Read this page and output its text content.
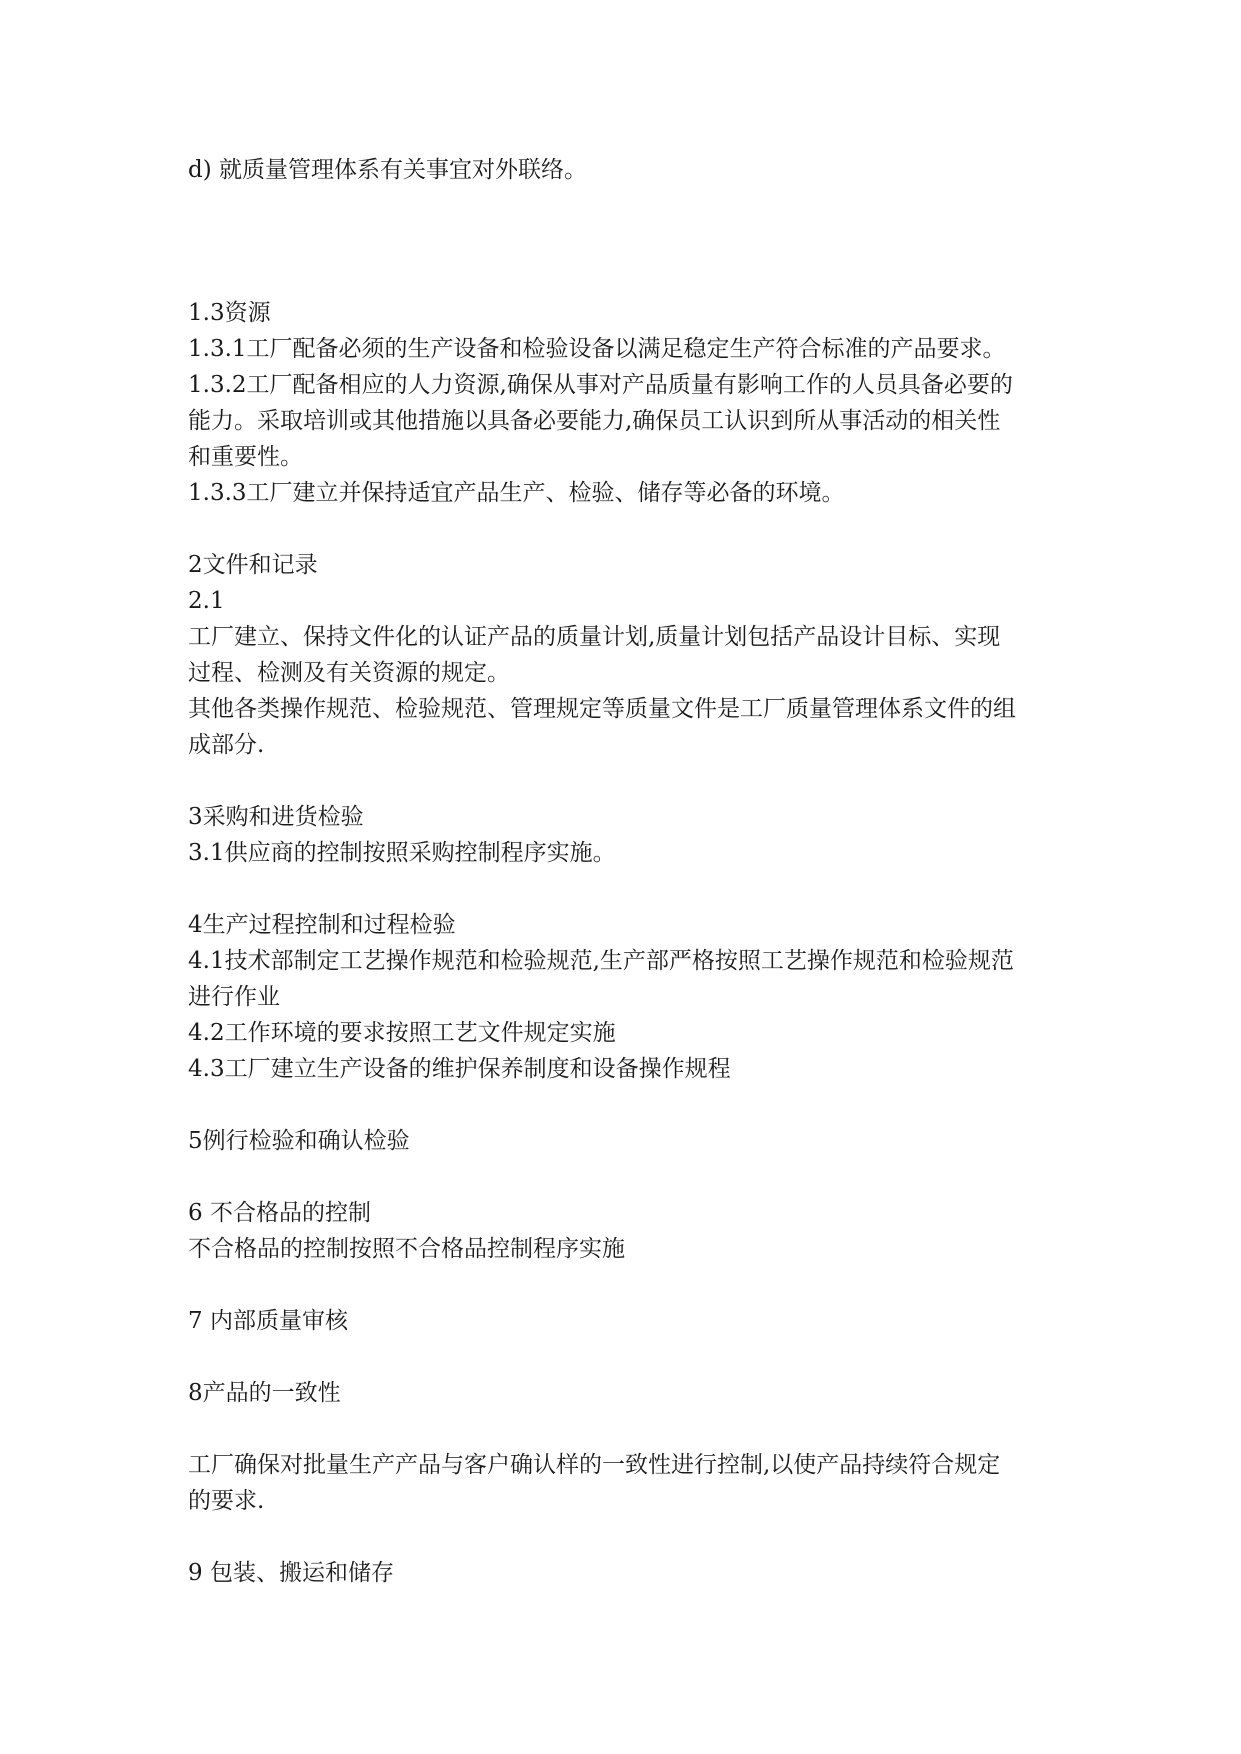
d) 就质量管理体系有关事宜对外联络。

1.3资源

1.3.1工厂配备必须的生产设备和检验设备以满足稳定生产符合标准的产品要求。

1.3.2工厂配备相应的人力资源,确保从事对产品质量有影响工作的人员具备必要的

能力。采取培训或其他措施以具备必要能力,确保员工认识到所从事活动的相关性

和重要性。

1.3.3工厂建立并保持适宜产品生产、检验、储存等必备的环境。

2文件和记录

2.1

工厂建立、保持文件化的认证产品的质量计划,质量计划包括产品设计目标、实现

过程、检测及有关资源的规定。

其他各类操作规范、检验规范、管理规定等质量文件是工厂质量管理体系文件的组

成部分.

3采购和进货检验

3.1供应商的控制按照采购控制程序实施。

4生产过程控制和过程检验

4.1技术部制定工艺操作规范和检验规范,生产部严格按照工艺操作规范和检验规范

进行作业

4.2工作环境的要求按照工艺文件规定实施

4.3工厂建立生产设备的维护保养制度和设备操作规程

5例行检验和确认检验

6 不合格品的控制

不合格品的控制按照不合格品控制程序实施

7 内部质量审核

8产品的一致性

工厂确保对批量生产产品与客户确认样的一致性进行控制,以使产品持续符合规定

的要求.

9 包装、搬运和储存
